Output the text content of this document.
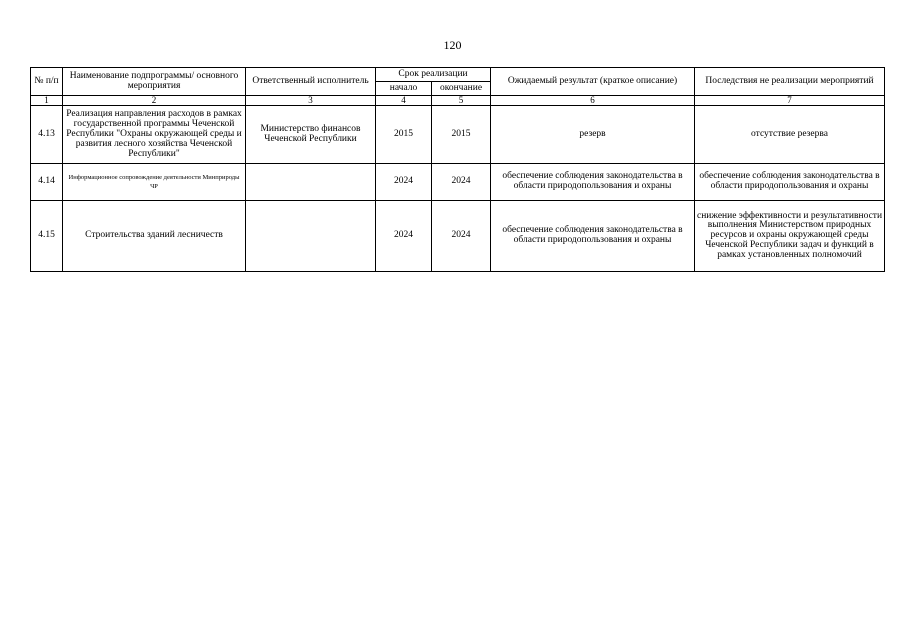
120
№ п/п	Наименование подпрограммы/ основного мероприятия	Ответственный исполнитель	Срок реализации		Ожидаемый результат (краткое описание)	Последствия не реализации мероприятий
			начало	окончание		
1	2	3	4	5	6	7
4.13	Реализация направления расходов в рамках государственной программы Чеченской Республики "Охраны окружающей среды и развития лесного хозяйства Чеченской Республики"	Министерство финансов Чеченской Республики	2015	2015	резерв	отсутствие резерва
4.14	Информационное сопровождение деятельности Минприроды ЧР		2024	2024	обеспечение соблюдения законодательства в области природопользования и охраны	обеспечение соблюдения законодательства в области природопользования и охраны
4.15	Строительства зданий лесничеств		2024	2024	обеспечение соблюдения законодательства в области природопользования и охраны	снижение эффективности и результативности выполнения Министерством природных ресурсов и охраны окружающей среды Чеченской Республики задач и функций в рамках установленных полномочий
